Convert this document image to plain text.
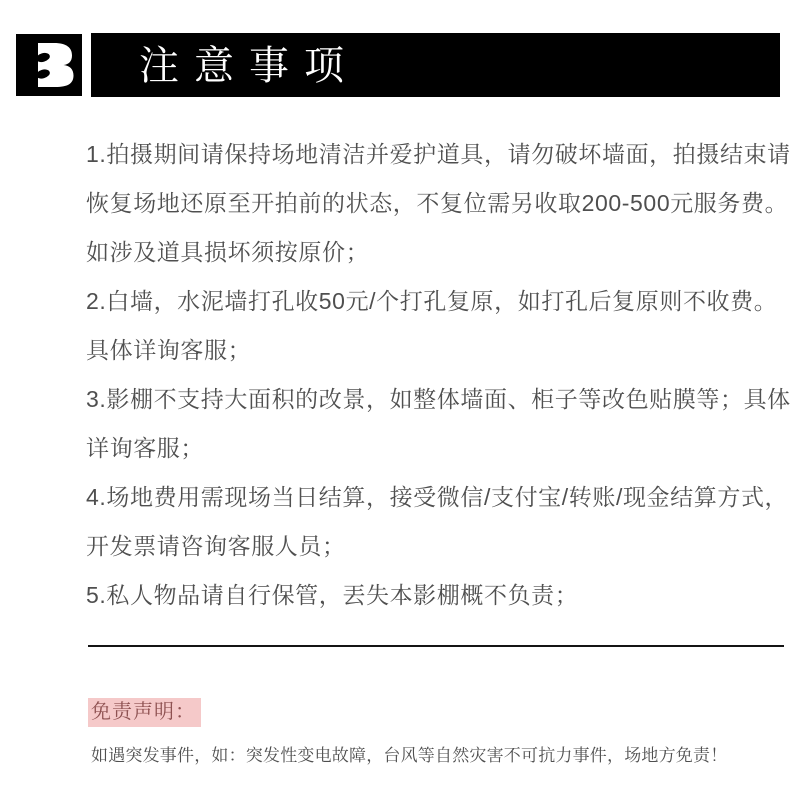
注意事项
1.拍摄期间请保持场地清洁并爱护道具，请勿破坏墙面，拍摄结束请
恢复场地还原至开拍前的状态，不复位需另收取200-500元服务费。
如涉及道具损坏须按原价；
2.白墙，水泥墙打孔收50元/个打孔复原，如打孔后复原则不收费。
具体详询客服；
3.影棚不支持大面积的改景，如整体墙面、柜子等改色贴膜等；具体
详询客服；
4.场地费用需现场当日结算，接受微信/支付宝/转账/现金结算方式，
开发票请咨询客服人员；
5.私人物品请自行保管，丟失本影棚概不负责；
免责声明：
如遇突发事件，如：突发性变电故障，台风等自然灾害不可抗力事件，场地方免责！
